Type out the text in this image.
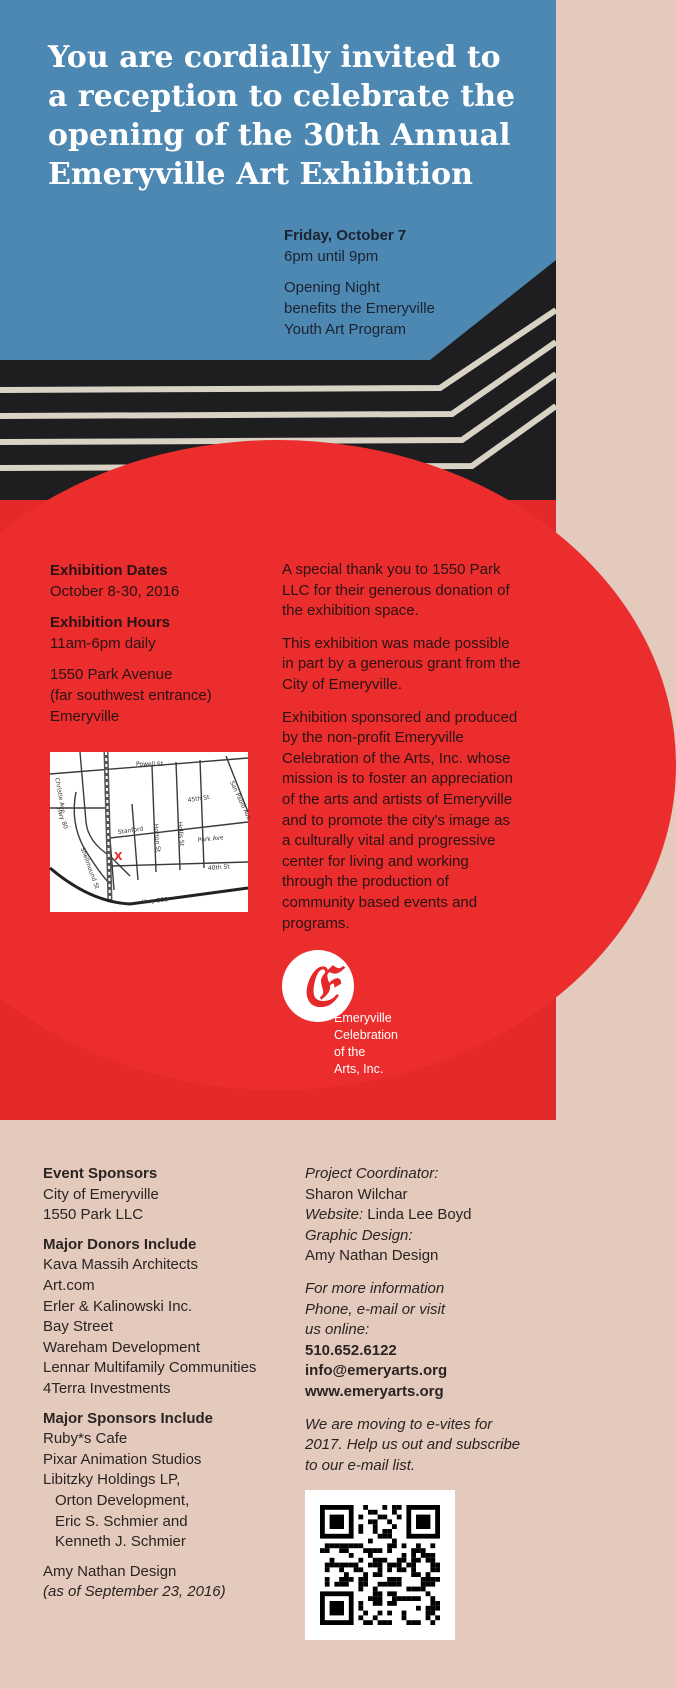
You are cordially invited to a reception to celebrate the opening of the 30th Annual Emeryville Art Exhibition

Friday, October 7

6pm until 9pm

Opening Night

benefits the Emeryville

Youth Art Program

Exhibition Dates

October 8-30, 2016

Exhibition Hours

11am-6pm daily

1550 Park Avenue

(far southwest entrance)

Emeryville

Christie Ave
Powell St
Hwy 80
Shellmound St
Stanford Horton St Hollis St
45th St	San Pablo Ave
Park Ave
40th St
Hwy 580
X

A special thank you to 1550 Park LLC for their generous donation of the exhibition space.

This exhibition was made possible in part by a generous grant from the City of Emeryville.

Exhibition sponsored and produced by the non-profit Emeryville Celebration of the Arts, Inc. whose mission is to foster an appreciation of the arts and artists of Emeryville and to promote the city's image as a culturally vital and progressive center for living and working through the production of community based events and programs.

𝔈
Emeryville
Celebration
of the
Arts, Inc.

Event Sponsors

City of Emeryville

1550 Park LLC

Major Donors Include

Kava Massih Architects

Art.com

Erler & Kalinowski Inc.

Bay Street

Wareham Development

Lennar Multifamily Communities

4Terra Investments

Major Sponsors Include

Ruby*s Cafe

Pixar Animation Studios

Libitzky Holdings LP,

Orton Development,

Eric S. Schmier and

Kenneth J. Schmier

Amy Nathan Design

(as of September 23, 2016)

Project Coordinator:

Sharon Wilchar

Website: Linda Lee Boyd

Graphic Design:

Amy Nathan Design

For more information

Phone, e-mail or visit

us online:

510.652.6122

info@emeryarts.org

www.emeryarts.org

We are moving to e-vites for

2017. Help us out and subscribe

to our e-mail list.
